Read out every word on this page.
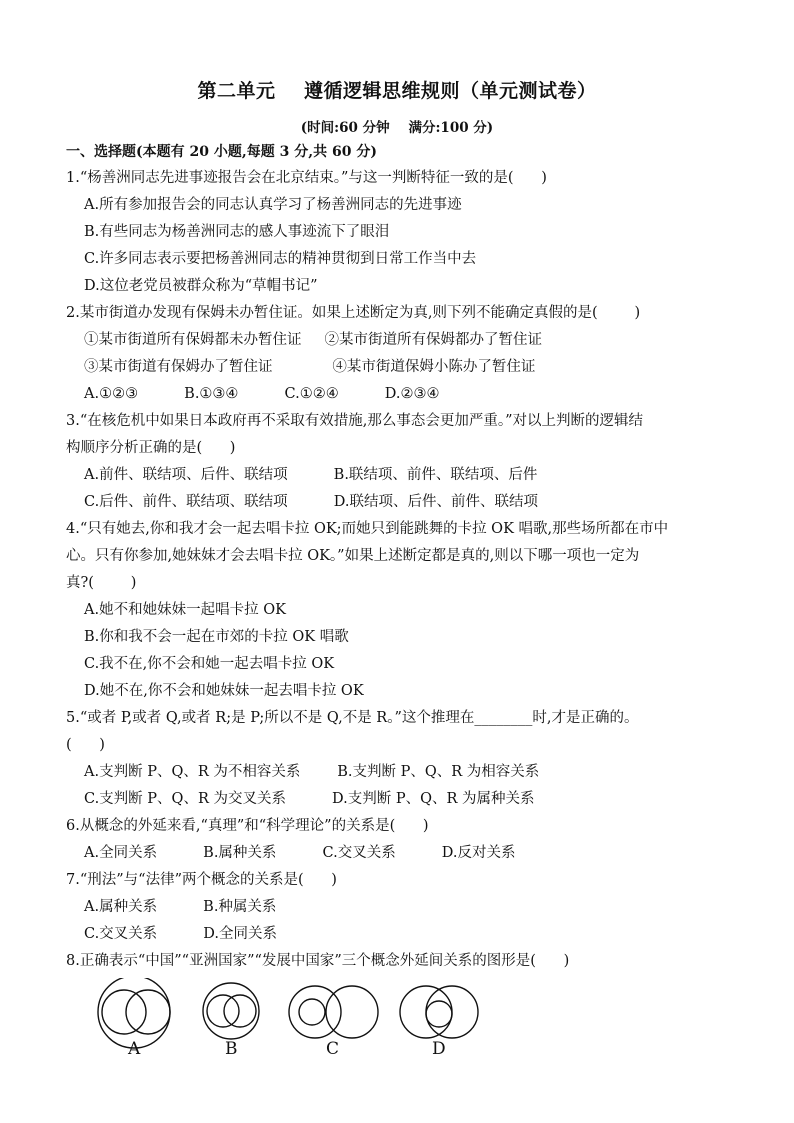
第二单元    遵循逻辑思维规则（单元测试卷）
(时间:60 分钟    满分:100 分)
一、选择题(本题有 20 小题,每题 3 分,共 60 分)
1.“杨善洲同志先进事迹报告会在北京结束。”与这一判断特征一致的是(      )
A.所有参加报告会的同志认真学习了杨善洲同志的先进事迹
B.有些同志为杨善洲同志的感人事迹流下了眼泪
C.许多同志表示要把杨善洲同志的精神贯彻到日常工作当中去
D.这位老党员被群众称为“草帽书记”
2.某市街道办发现有保姆未办暂住证。如果上述断定为真,则下列不能确定真假的是(        )
①某市街道所有保姆都未办暂住证     ②某市街道所有保姆都办了暂住证
③某市街道有保姆办了暂住证             ④某市街道保姆小陈办了暂住证
A.①②③          B.①③④          C.①②④          D.②③④
3.“在核危机中如果日本政府再不采取有效措施,那么事态会更加严重。”对以上判断的逻辑结
构顺序分析正确的是(      )
A.前件、联结项、后件、联结项          B.联结项、前件、联结项、后件
C.后件、前件、联结项、联结项          D.联结项、后件、前件、联结项
4.“只有她去,你和我才会一起去唱卡拉 OK;而她只到能跳舞的卡拉 OK 唱歌,那些场所都在市中
心。只有你参加,她妹妹才会去唱卡拉 OK。”如果上述断定都是真的,则以下哪一项也一定为
真?(        )
A.她不和她妹妹一起唱卡拉 OK
B.你和我不会一起在市郊的卡拉 OK 唱歌
C.我不在,你不会和她一起去唱卡拉 OK
D.她不在,你不会和她妹妹一起去唱卡拉 OK
5.“或者 P,或者 Q,或者 R;是 P;所以不是 Q,不是 R。”这个推理在________时,才是正确的。
(      )
A.支判断 P、Q、R 为不相容关系        B.支判断 P、Q、R 为相容关系
C.支判断 P、Q、R 为交叉关系          D.支判断 P、Q、R 为属种关系
6.从概念的外延来看,“真理”和“科学理论”的关系是(      )
A.全同关系          B.属种关系          C.交叉关系          D.反对关系
7.“刑法”与“法律”两个概念的关系是(      )
A.属种关系          B.种属关系
C.交叉关系          D.全同关系
8.正确表示“中国”“亚洲国家”“发展中国家”三个概念外延间关系的图形是(      )
A	B	C	D
